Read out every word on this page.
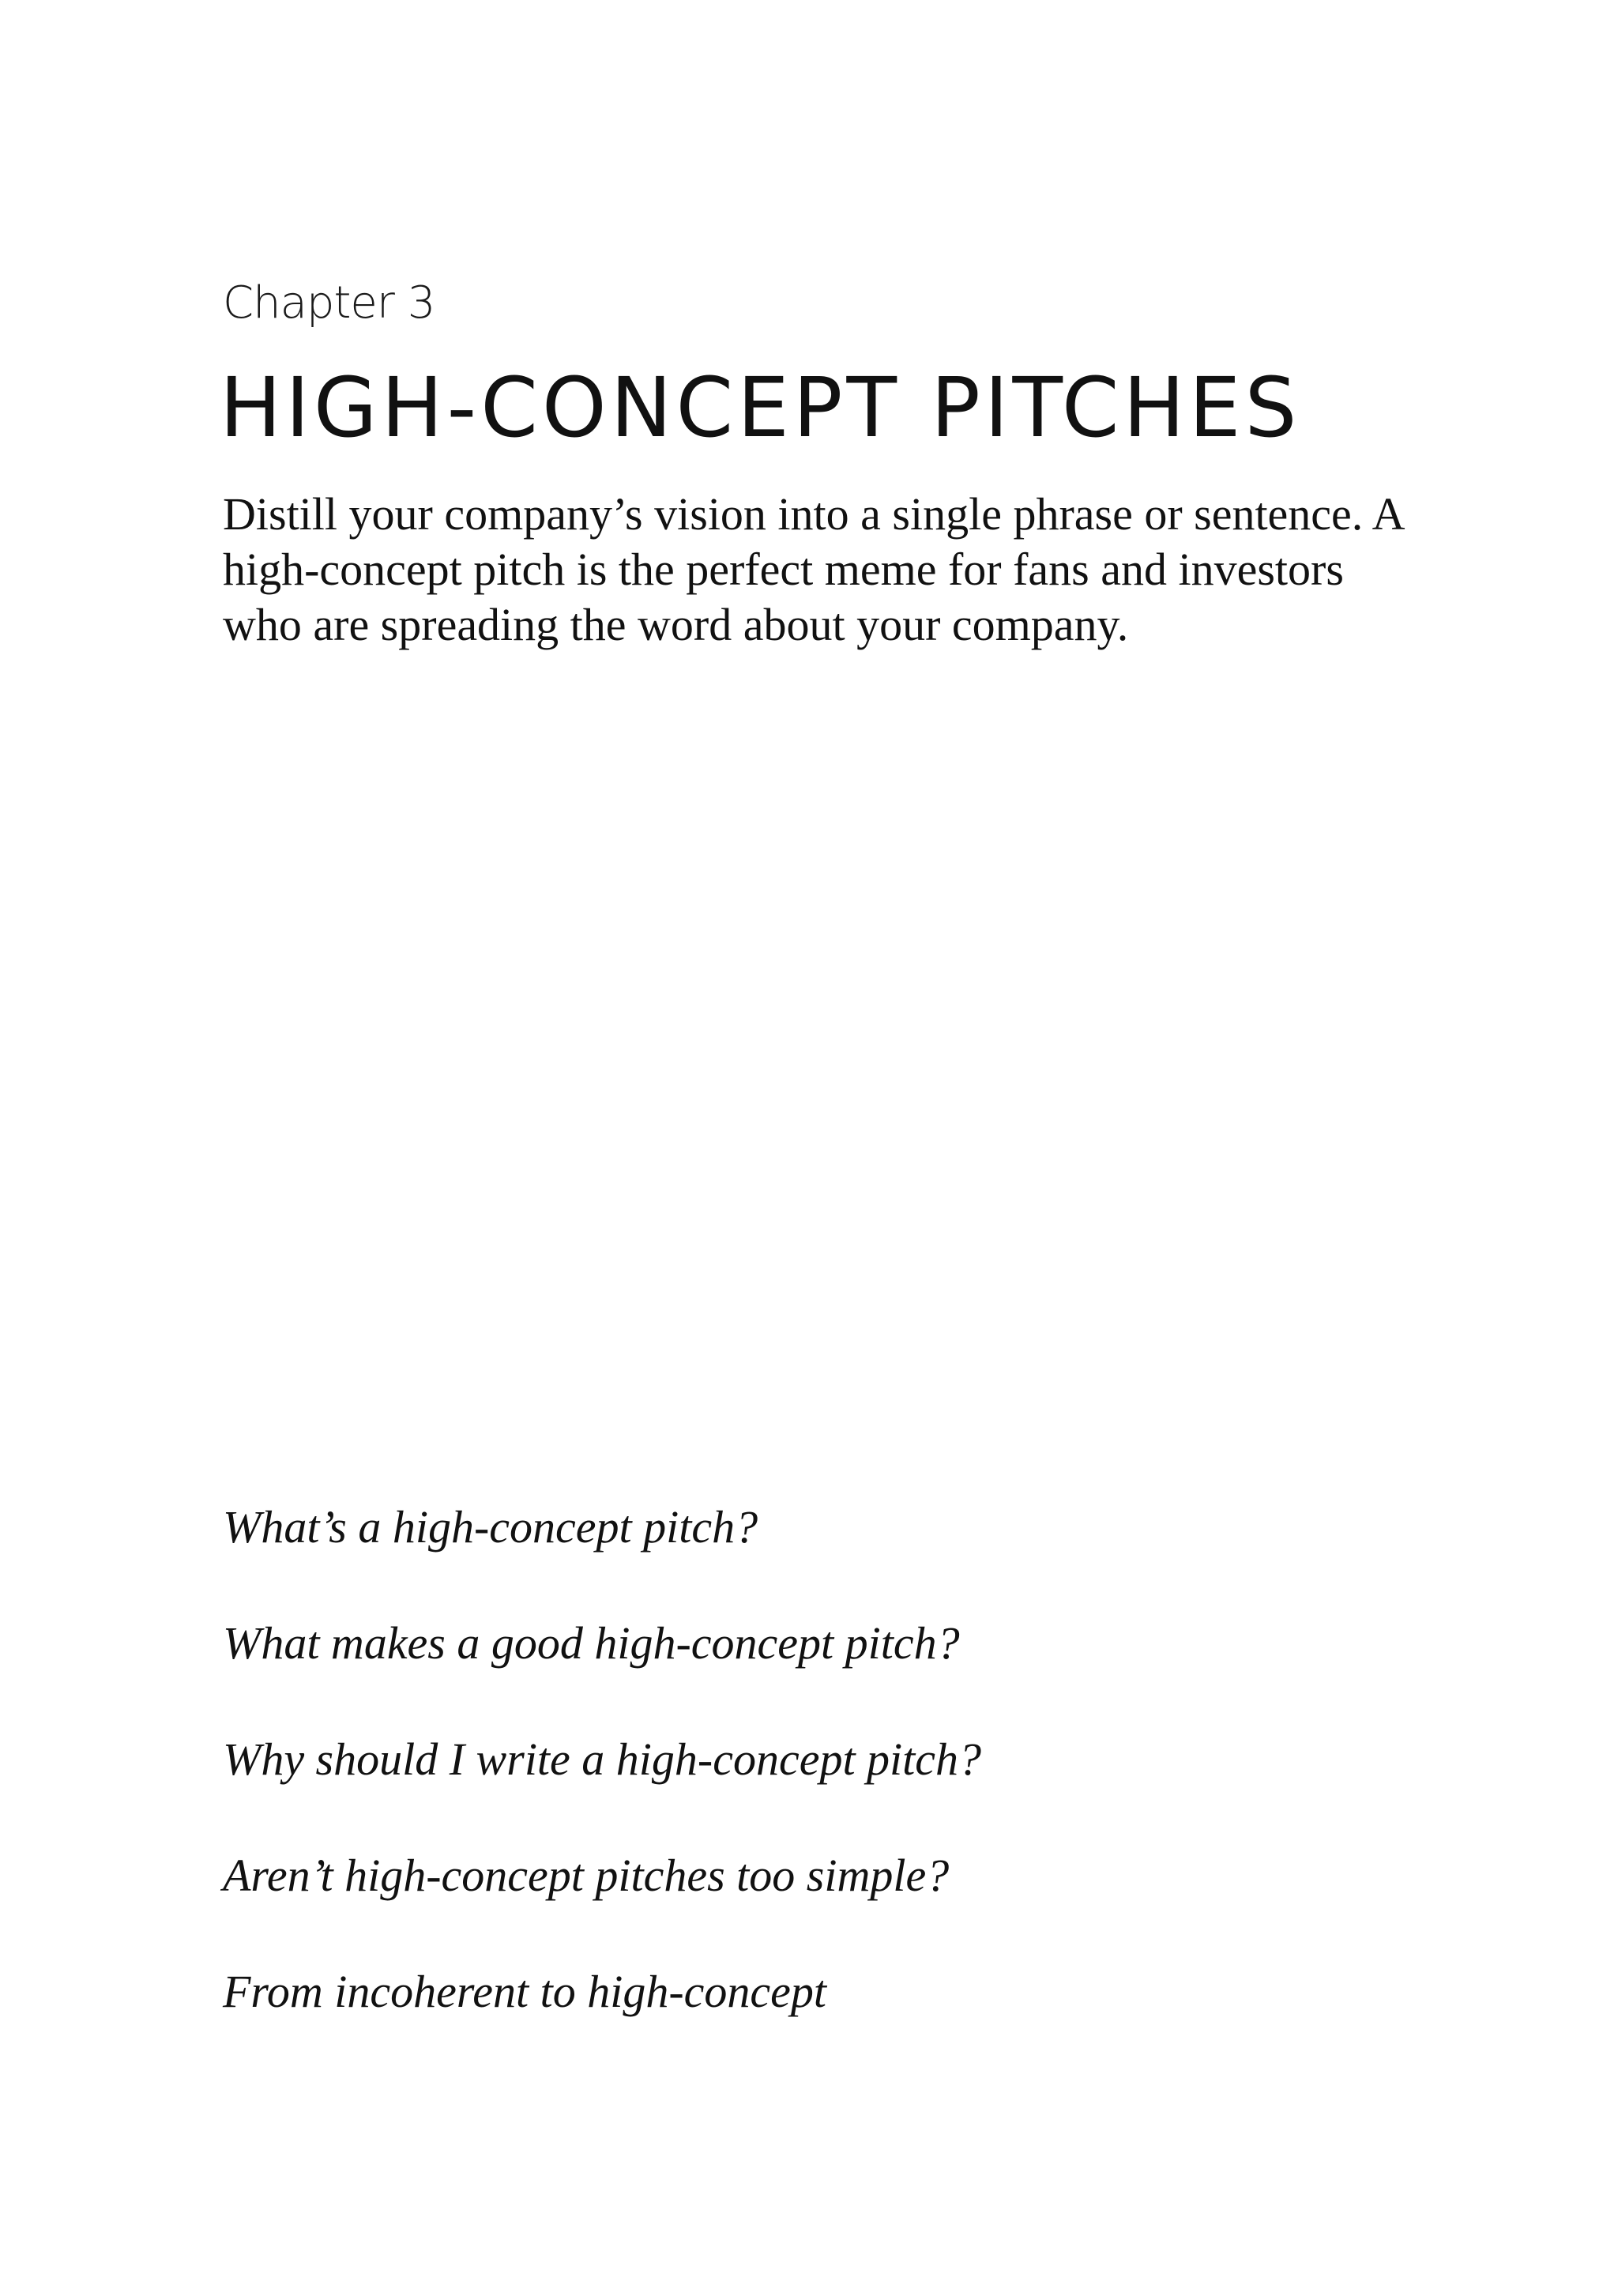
Chapter 3
HIGH-CONCEPT PITCHES

Distill your company’s vision into a single phrase or sentence. A high-concept pitch is the perfect meme for fans and investors who are spreading the word about your company.

What’s a high-concept pitch?
What makes a good high-concept pitch?
Why should I write a high-concept pitch?
Aren’t high-concept pitches too simple?
From incoherent to high-concept
